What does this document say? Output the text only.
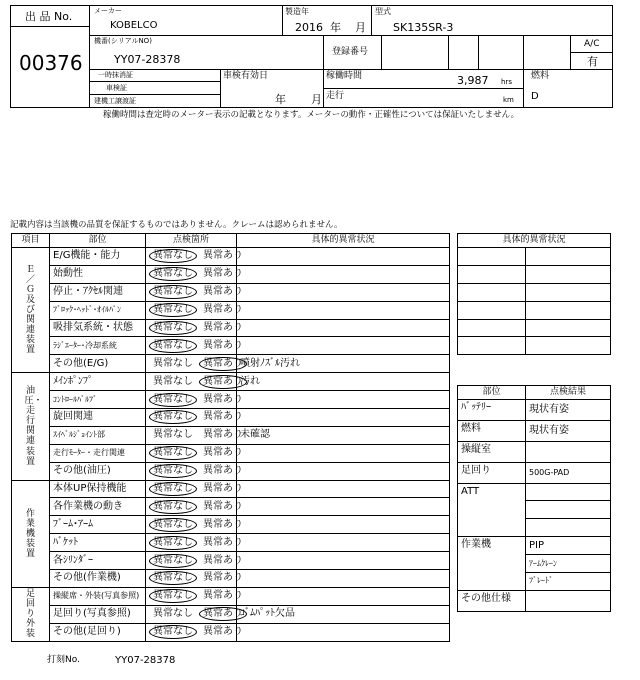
出 品 No.
00376
メーカー
KOBELCO
製造年
2016 年 月
型式
SK135SR-3
機番(シリアルNO)
YY07-28378
登録番号
A/C
有
一時抹消証
車検証
建機工譲渡証
車検有効日
年 月
稼働時間	3,987 hrs
走行	km
燃料
D
稼働時間は査定時のメーター表示の記載となります。メーターの動作・正確性については保証いたしません。
記載内容は当該機の品質を保証するものではありません。クレームは認められません。
項目	部位	点検箇所	具体的異常状況
Ｅ／Ｇ及び関連装置	E/G機能・能力	異常なし 異常あり	
	始動性	異常なし 異常あり	
	停止・ｱｸｾﾙ関連	異常なし 異常あり	
	ﾌﾞﾛｯｸ･ﾍｯﾄﾞ･ｵｲﾙﾊﾟﾝ	異常なし 異常あり	
	吸排気系統・状態	異常なし 異常あり	
	ﾗｼﾞｴｰﾀｰ･冷却系統	異常なし 異常あり	
	その他(E/G)	異常なし 異常あり	噴射ﾉｽﾞﾙ汚れ
油圧・走行関連装置	ﾒｲﾝﾎﾟﾝﾌﾟ	異常なし 異常あり	汚れ
	ｺﾝﾄﾛｰﾙﾊﾞﾙﾌﾞ	異常なし 異常あり	
	旋回関連	異常なし 異常あり	
	ｽｲﾍﾞﾙｼﾞｮｲﾝﾄ部	異常なし 異常あり	未確認
	走行ﾓｰﾀｰ・走行関連	異常なし 異常あり	
	その他(油圧)	異常なし 異常あり	
作業機装置	本体UP保持機能	異常なし 異常あり	
	各作業機の動き	異常なし 異常あり	
	ﾌﾞｰﾑ･ｱｰﾑ	異常なし 異常あり	
	ﾊﾞｹｯﾄ	異常なし 異常あり	
	各ｼﾘﾝﾀﾞｰ	異常なし 異常あり	
	その他(作業機)	異常なし 異常あり	
足回り外装	操縦席・外装(写真参照)	異常なし 異常あり	
	足回り(写真参照)	異常なし 異常あり	ｺﾞﾑﾊﾟｯﾄ欠品
	その他(足回り)	異常なし 異常あり	
具体的異常状況	

部位	点検結果
ﾊﾞｯﾃﾘｰ	現状有姿
燃料	現状有姿
操縦室	
足回り	500G-PAD
ATT	

作業機	PIP
	ｱｰﾑｸﾚｰﾝ
	ﾌﾞﾚｰﾄﾞ
その他仕様	
打刻No.	YY07-28378
